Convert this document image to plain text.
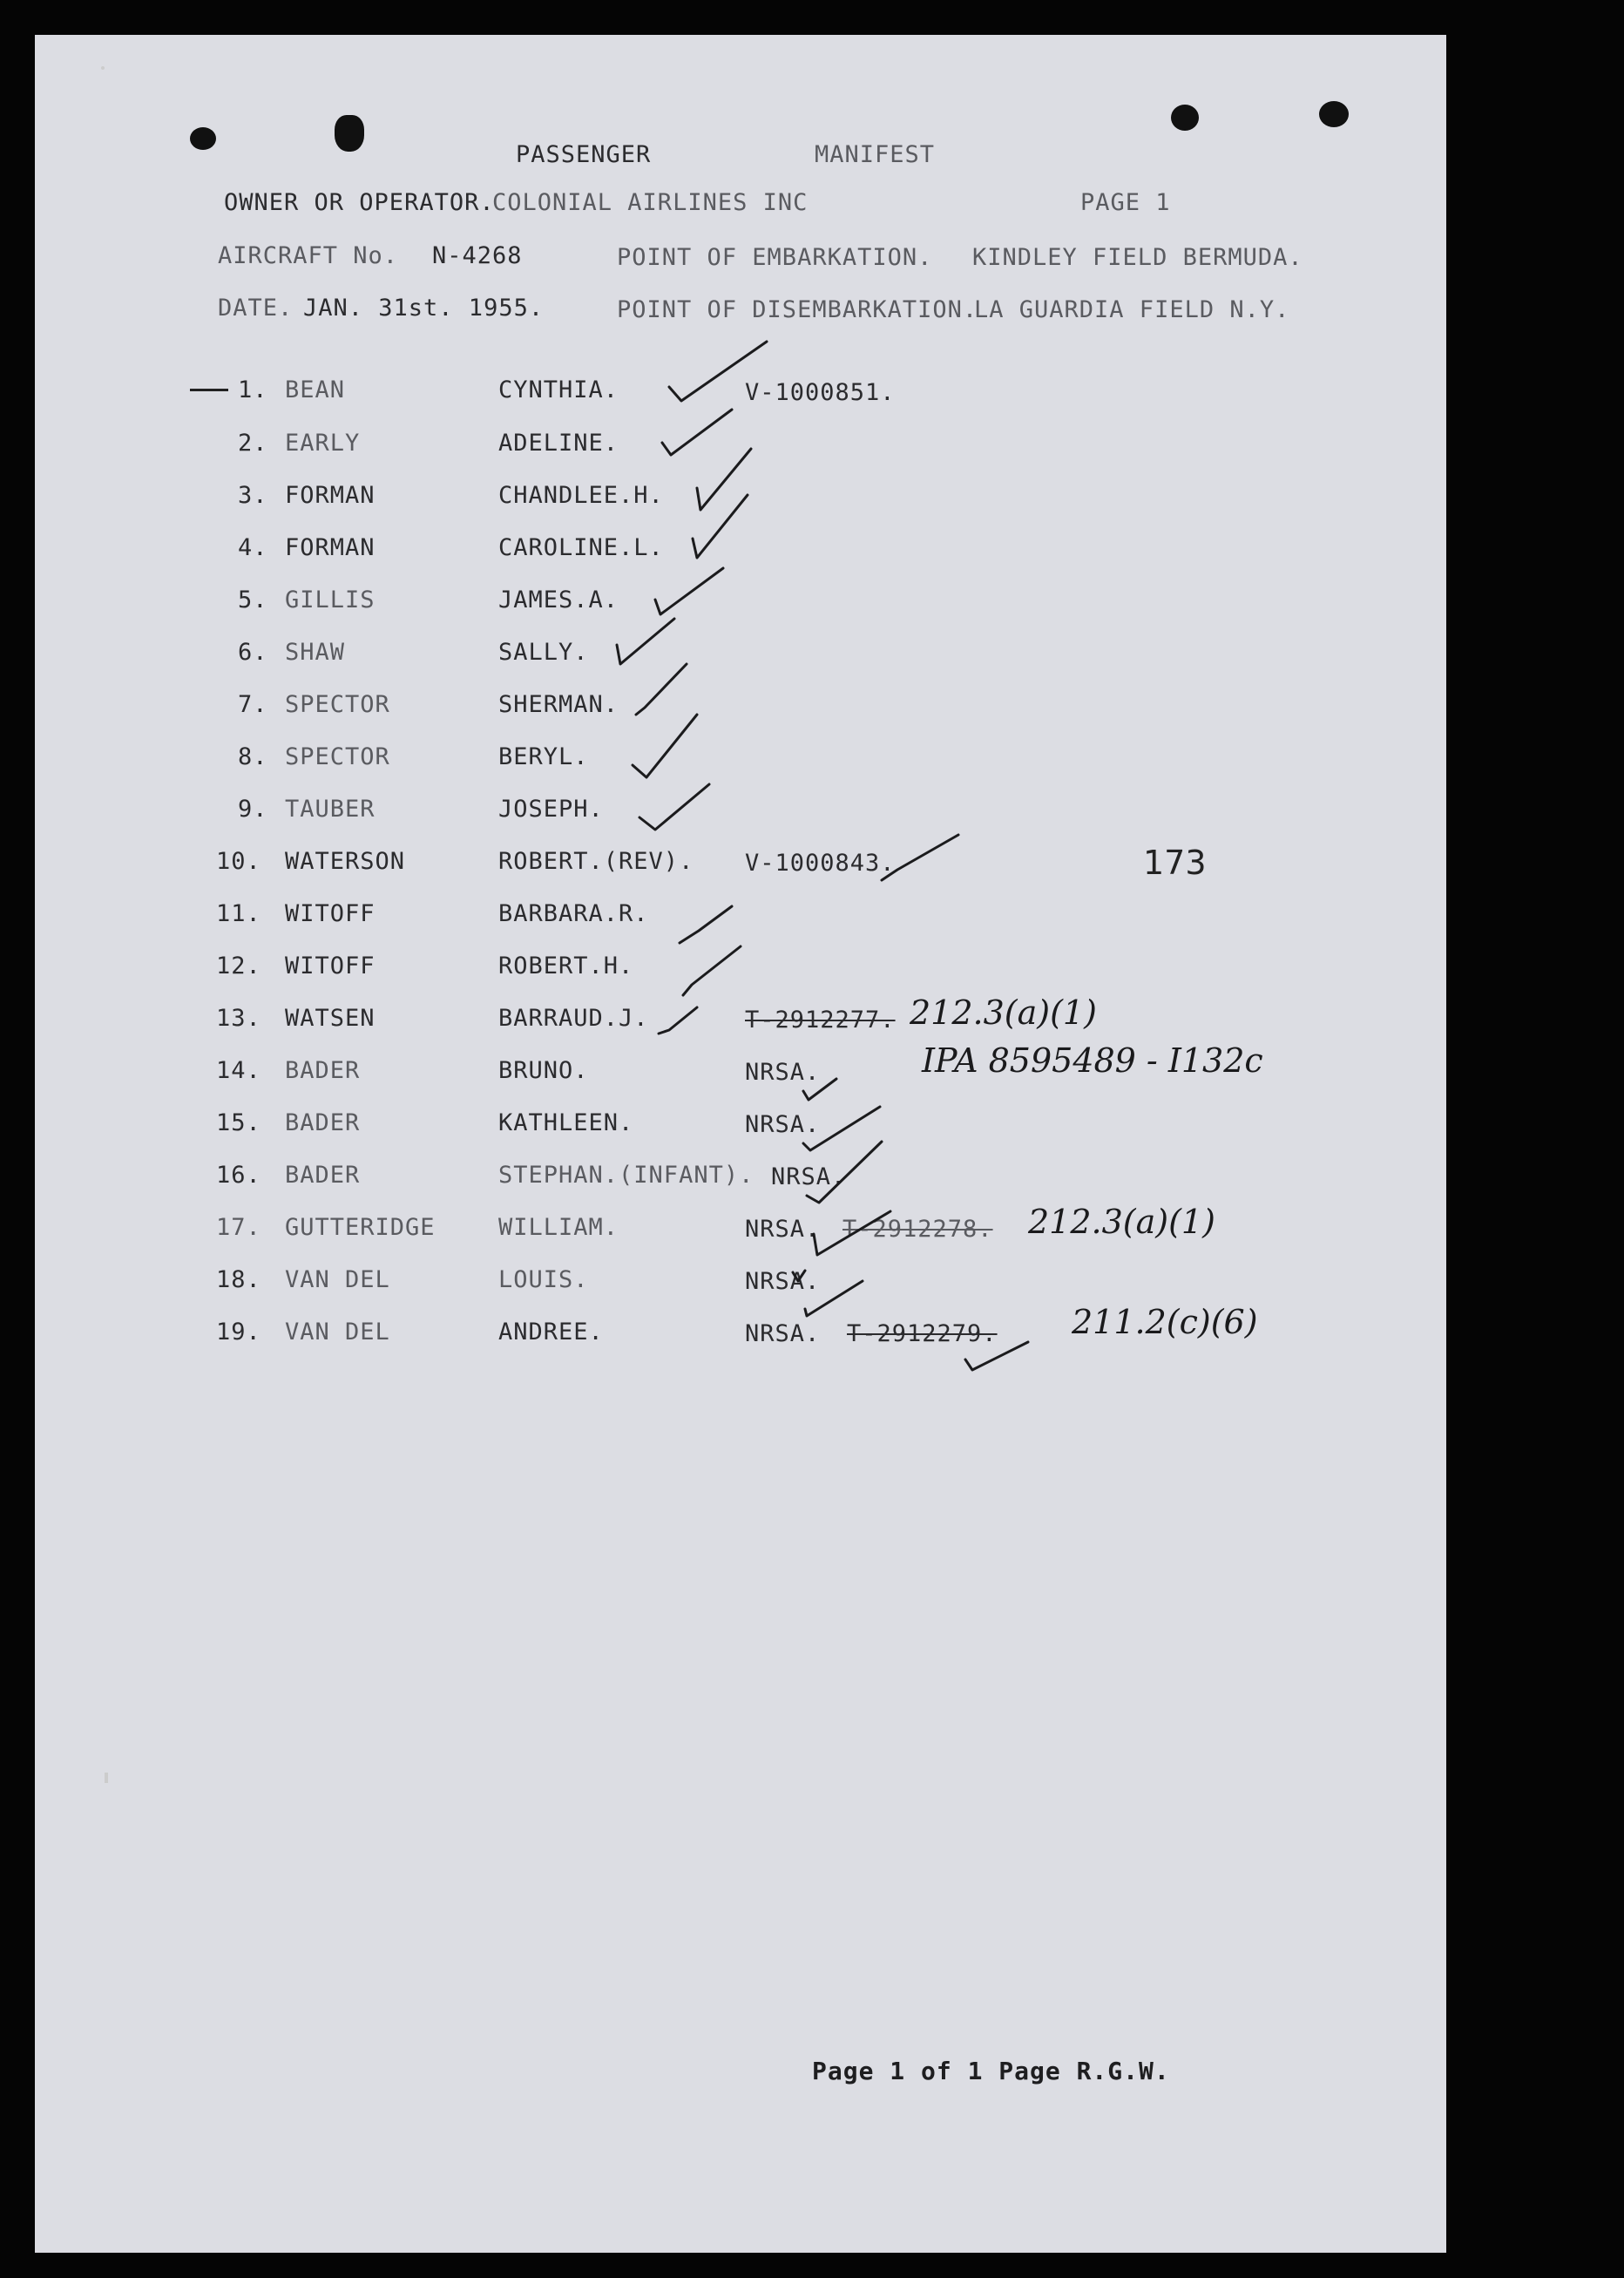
PASSENGER	MANIFEST
OWNER OR OPERATOR.
COLONIAL AIRLINES INC	PAGE 1
AIRCRAFT No. N-4268	POINT OF EMBARKATION. KINDLEY FIELD BERMUDA.
DATE. JAN. 31st. 1955.	POINT OF DISEMBARKATION.
LA GUARDIA FIELD N.Y.
173
1. BEAN	CYNTHIA.	V-1000851.
2. EARLY	ADELINE.
3. FORMAN	CHANDLEE.H.
4. FORMAN	CAROLINE.L.
5. GILLIS	JAMES.A.
6. SHAW	SALLY.
7. SPECTOR	SHERMAN.
8. SPECTOR	BERYL.
9. TAUBER	JOSEPH.
10. WATERSON	ROBERT.(REV). V-1000843.
11. WITOFF	BARBARA.R.
12. WITOFF	ROBERT.H.
13. WATSEN	BARRAUD.J.	T-2912277. 212.3(a)(1)
14. BADER	BRUNO.	NRSA.	IPA 8595489 - I132c
15. BADER	KATHLEEN.	NRSA.
16. BADER	STEPHAN.(INFANT). NRSA.
17. GUTTERIDGE	WILLIAM.	NRSA. T-2912278. 212.3(a)(1)
18. VAN DEL	LOUIS.	NRSA.
19. VAN DEL	ANDREE.	NRSA. T-2912279. 211.2(c)(6)
Page 1 of 1 Page R.G.W.
